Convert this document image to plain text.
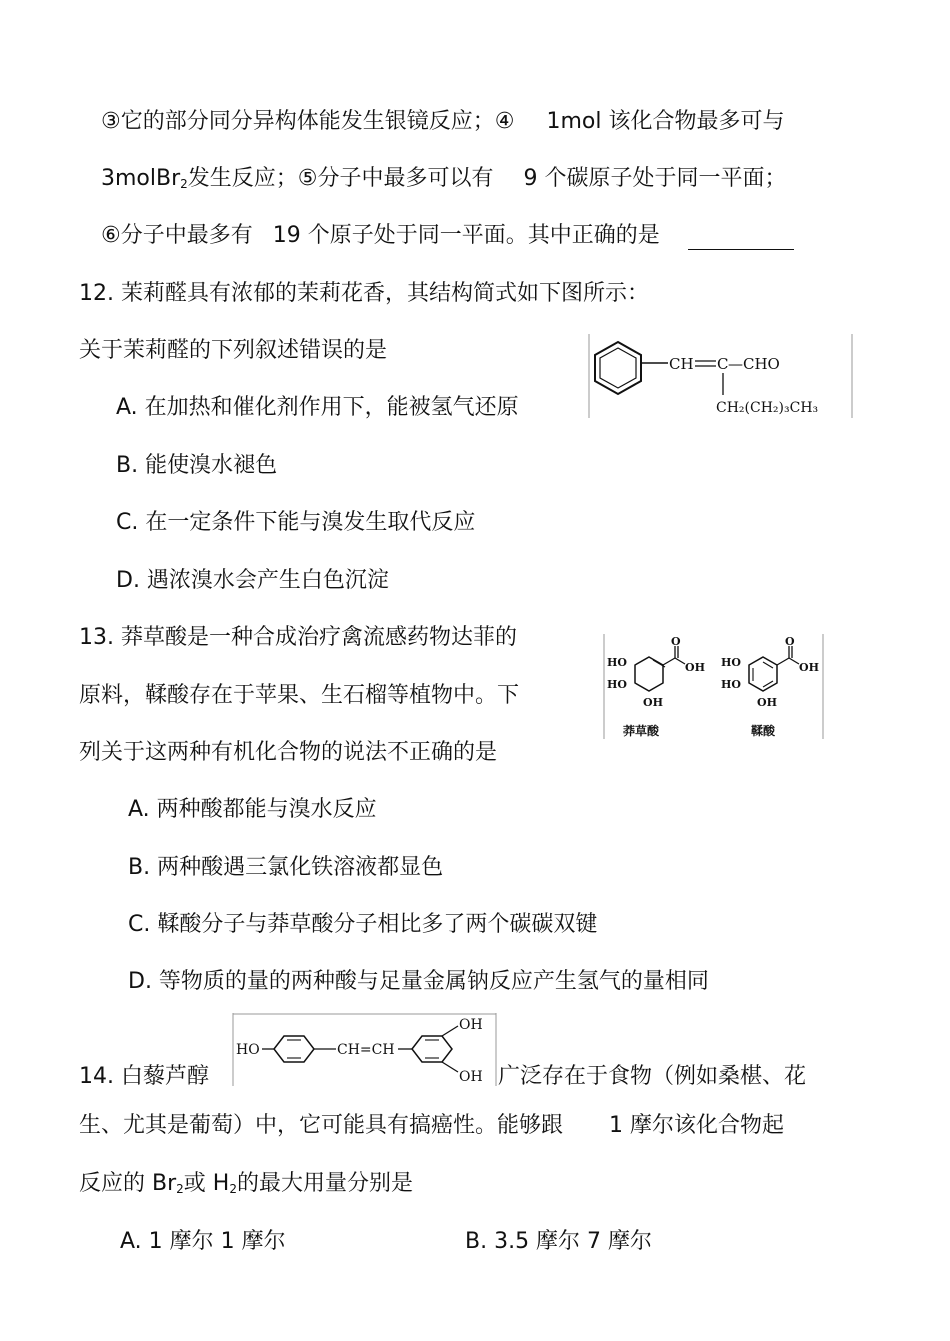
③它的部分同分异构体能发生银镜反应；④ 1mol 该化合物最多可与
3molBr2发生反应；⑤分子中最多可以有 9 个碳原子处于同一平面；
⑥分子中最多有 19 个原子处于同一平面。其中正确的是
12. 茉莉醛具有浓郁的茉莉花香，其结构简式如下图所示：
关于茉莉醛的下列叙述错误的是
A. 在加热和催化剂作用下，能被氢气还原
B. 能使溴水褪色
C. 在一定条件下能与溴发生取代反应
D. 遇浓溴水会产生白色沉淀
CH C —CHO
CH₂(CH₂)₃CH₃
13. 莽草酸是一种合成治疗禽流感药物达菲的
原料，鞣酸存在于苹果、生石榴等植物中。下
列关于这两种有机化合物的说法不正确的是
A. 两种酸都能与溴水反应
B. 两种酸遇三氯化铁溶液都显色
C. 鞣酸分子与莽草酸分子相比多了两个碳碳双键
D. 等物质的量的两种酸与足量金属钠反应产生氢气的量相同
O
OH
HO
HO
OH
莽草酸
O
OH
HO
HO
OH
鞣酸
14. 白藜芦醇
HO	CH=CH
OH
OH 广泛存在于食物（例如桑椹、花
生、尤其是葡萄）中，它可能具有搞癌性。能够跟 1 摩尔该化合物起
反应的 Br2或 H2的最大用量分别是
A. 1 摩尔 1 摩尔	B. 3.5 摩尔 7 摩尔
